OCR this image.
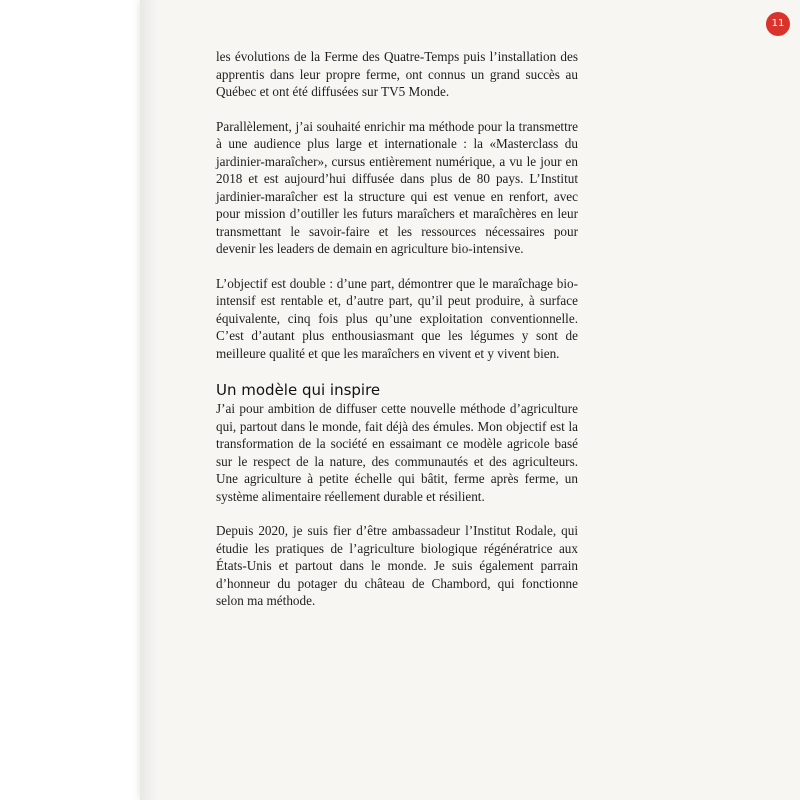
11

les évolutions de la Ferme des Quatre-Temps puis l’installation des apprentis dans leur propre ferme, ont connus un grand succès au Québec et ont été diffusées sur TV5 Monde.

Parallèlement, j’ai souhaité enrichir ma méthode pour la transmettre à une audience plus large et internationale : la «Masterclass du jardinier-maraîcher», cursus entièrement numérique, a vu le jour en 2018 et est aujourd’hui diffusée dans plus de 80 pays. L’Institut jardinier-maraîcher est la structure qui est venue en renfort, avec pour mission d’outiller les futurs maraîchers et maraîchères en leur transmettant le savoir-faire et les ressources nécessaires pour devenir les leaders de demain en agriculture bio-intensive.

L’objectif est double : d’une part, démontrer que le maraîchage bio-intensif est rentable et, d’autre part, qu’il peut produire, à surface équivalente, cinq fois plus qu’une exploitation conventionnelle. C’est d’autant plus enthousiasmant que les légumes y sont de meilleure qualité et que les maraîchers en vivent et y vivent bien.

Un modèle qui inspire

J’ai pour ambition de diffuser cette nouvelle méthode d’agriculture qui, partout dans le monde, fait déjà des émules. Mon objectif est la transformation de la société en essaimant ce modèle agricole basé sur le respect de la nature, des communautés et des agriculteurs. Une agriculture à petite échelle qui bâtit, ferme après ferme, un système alimentaire réellement durable et résilient.

Depuis 2020, je suis fier d’être ambassadeur l’Institut Rodale, qui étudie les pratiques de l’agriculture biologique régénératrice aux États-Unis et partout dans le monde. Je suis également parrain d’honneur du potager du château de Chambord, qui fonctionne selon ma méthode.
